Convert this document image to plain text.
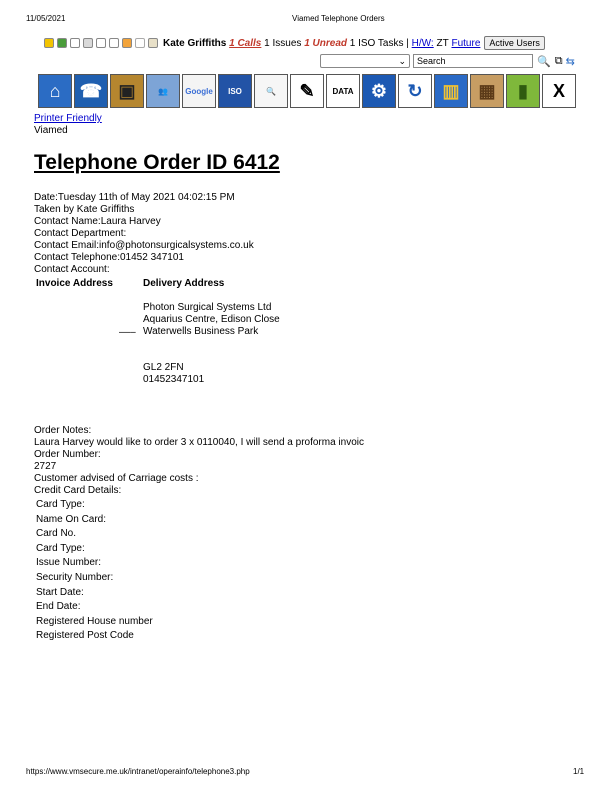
11/05/2021	Viamed Telephone Orders
Kate Griffiths
1 Calls
1 Issues
1
Unread
1 ISO Tasks |
H/W:
ZT
Future	Active Users
⌄	Search	🔍 ⧉ ⇆
⌂	☎ ▣	👥	Google	ISO	🔍	✎	DATA ⚙	↻	▥	▦	▮	X
Printer Friendly
Viamed
Telephone Order ID 6412
Date:Tuesday 11th of May 2021 04:02:15 PM
Taken by Kate Griffiths
Contact Name:Laura Harvey
Contact Department:
Contact Email:info@photonsurgicalsystems.co.uk
Contact Telephone:01452 347101
Contact Account:
Invoice Address	Delivery Address
–––
Photon Surgical Systems Ltd
Aquarius Centre, Edison Close
Waterwells Business Park
GL2 2FN
01452347101
Order Notes:
Laura Harvey would like to order 3 x 0110040, I will send a proforma invoic
Order Number:
2727
Customer advised of Carriage costs :
Credit Card Details:
Card Type:
Name On Card:
Card No.
Card Type:
Issue Number:
Security Number:
Start Date:
End Date:
Registered House number
Registered Post Code
https://www.vmsecure.me.uk/intranet/operainfo/telephone3.php	1/1
